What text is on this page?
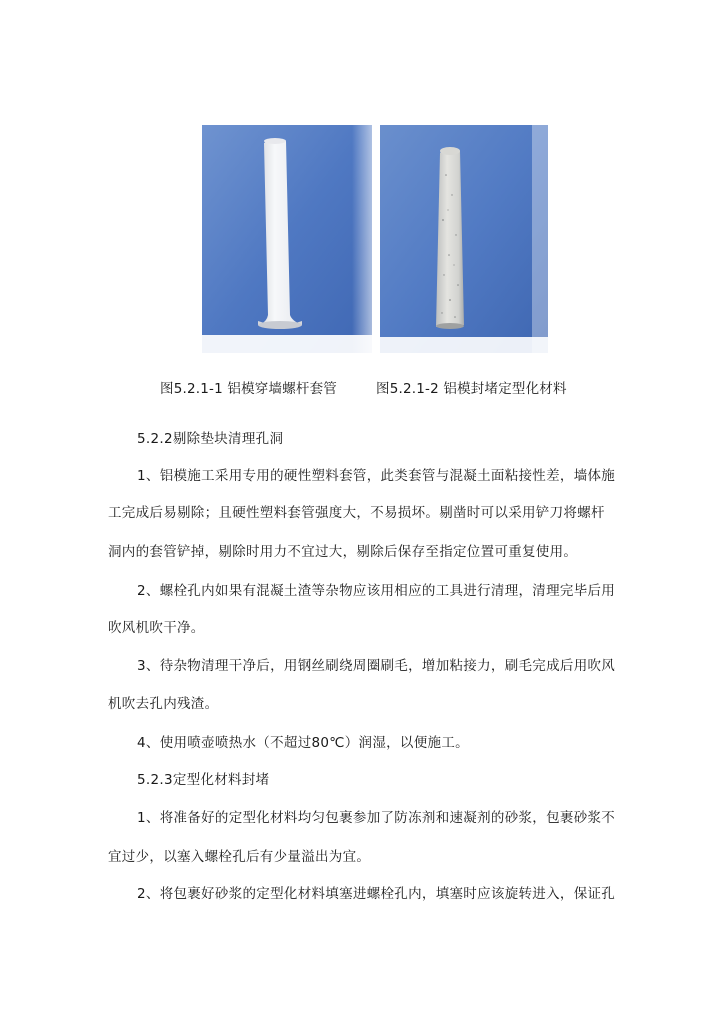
图5.2.1-1 铝模穿墙螺杆套管	图5.2.1-2 铝模封堵定型化材料
5.2.2剔除垫块清理孔洞
1、铝模施工采用专用的硬性塑料套管，此类套管与混凝土面粘接性差，墙体施
工完成后易剔除；且硬性塑料套管强度大，不易损坏。剔凿时可以采用铲刀将螺杆
洞内的套管铲掉，剔除时用力不宜过大，剔除后保存至指定位置可重复使用。
2、螺栓孔内如果有混凝土渣等杂物应该用相应的工具进行清理，清理完毕后用
吹风机吹干净。
3、待杂物清理干净后，用钢丝刷绕周圈刷毛，增加粘接力，刷毛完成后用吹风
机吹去孔内残渣。
4、使用喷壶喷热水（不超过80℃）润湿，以便施工。
5.2.3定型化材料封堵
1、将准备好的定型化材料均匀包裹参加了防冻剂和速凝剂的砂浆，包裹砂浆不
宜过少，以塞入螺栓孔后有少量溢出为宜。
2、将包裹好砂浆的定型化材料填塞进螺栓孔内，填塞时应该旋转进入，保证孔
